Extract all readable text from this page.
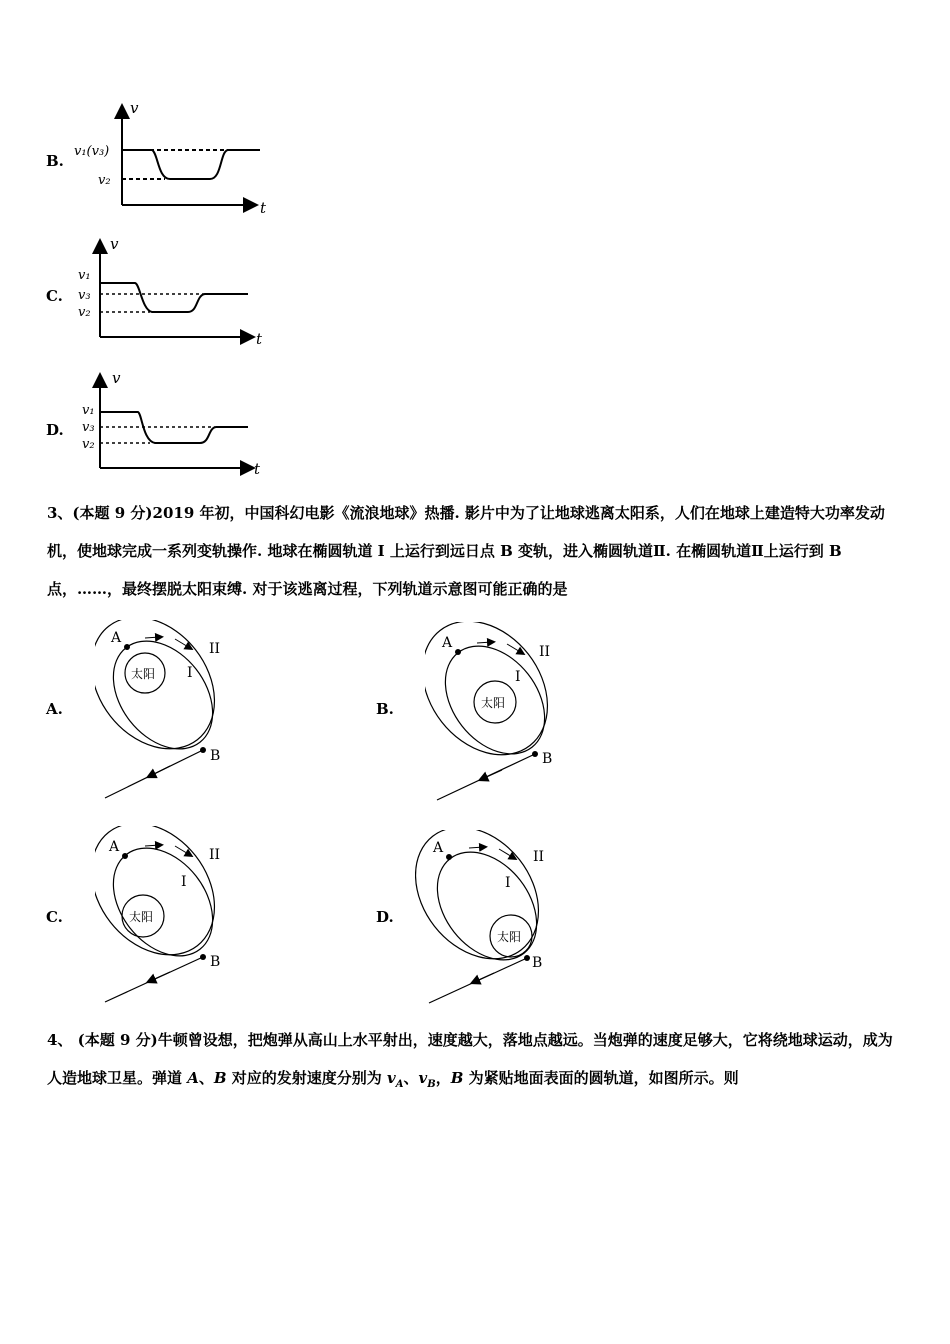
B.
v
t
v₁(v₃)
v₂
C.
v
t
v₁
v₃
v₂
D.
v
t
v₁
v₃
v₂
3、(本题 9 分)2019 年初，中国科幻电影《流浪地球》热播. 影片中为了让地球逃离太阳系，人们在地球上建造特大功率发动机，使地球完成一系列变轨操作. 地球在椭圆轨道 I 上运行到远日点 B 变轨，进入椭圆轨道Ⅱ. 在椭圆轨道Ⅱ上运行到 B 点，……，最终摆脱太阳束缚. 对于该逃离过程，下列轨道示意图可能正确的是
A.
太阳
A
B
I
II
B.	太阳
A
B
I
II
C.	太阳
A
B
I
II
D.
太阳
A
B
I
II
4、 (本题 9 分)牛顿曾设想，把炮弹从高山上水平射出，速度越大，落地点越远。当炮弹的速度足够大，它将绕地球运动，成为人造地球卫星。弹道 A、B 对应的发射速度分别为 $v_A$、$v_B$，B 为紧贴地面表面的圆轨道，如图所示。则
